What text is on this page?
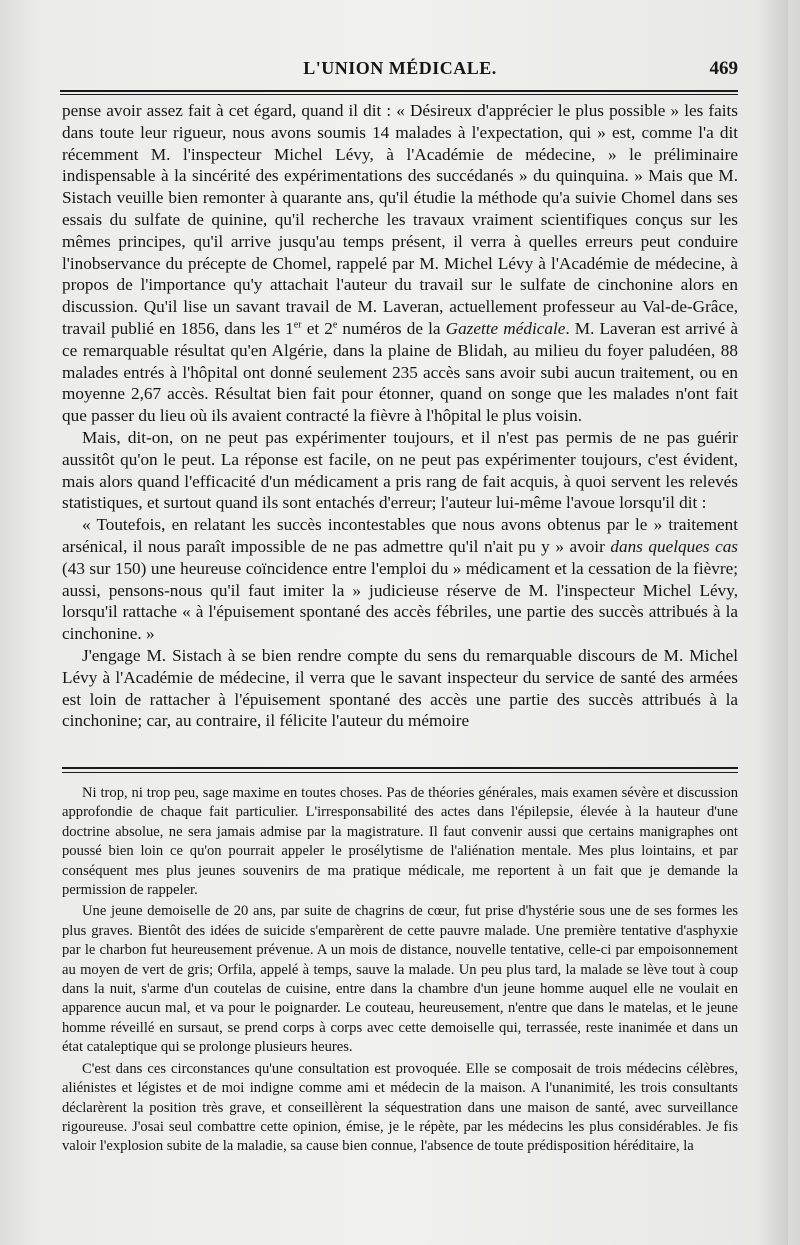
L'UNION MÉDICALE.	469

pense avoir assez fait à cet égard, quand il dit : « Désireux d'apprécier le plus possible » les faits dans toute leur rigueur, nous avons soumis 14 malades à l'expectation, qui » est, comme l'a dit récemment M. l'inspecteur Michel Lévy, à l'Académie de médecine, » le préliminaire indispensable à la sincérité des expérimentations des succédanés » du quinquina. » Mais que M. Sistach veuille bien remonter à quarante ans, qu'il étudie la méthode qu'a suivie Chomel dans ses essais du sulfate de quinine, qu'il recherche les travaux vraiment scientifiques conçus sur les mêmes principes, qu'il arrive jusqu'au temps présent, il verra à quelles erreurs peut conduire l'inobservance du précepte de Chomel, rappelé par M. Michel Lévy à l'Académie de médecine, à propos de l'importance qu'y attachait l'auteur du travail sur le sulfate de cinchonine alors en discussion. Qu'il lise un savant travail de M. Laveran, actuellement professeur au Val-de-Grâce, travail publié en 1856, dans les 1er et 2e numéros de la Gazette médicale. M. Laveran est arrivé à ce remarquable résultat qu'en Algérie, dans la plaine de Blidah, au milieu du foyer paludéen, 88 malades entrés à l'hôpital ont donné seulement 235 accès sans avoir subi aucun traitement, ou en moyenne 2,67 accès. Résultat bien fait pour étonner, quand on songe que les malades n'ont fait que passer du lieu où ils avaient contracté la fièvre à l'hôpital le plus voisin.

Mais, dit-on, on ne peut pas expérimenter toujours, et il n'est pas permis de ne pas guérir aussitôt qu'on le peut. La réponse est facile, on ne peut pas expérimenter toujours, c'est évident, mais alors quand l'efficacité d'un médicament a pris rang de fait acquis, à quoi servent les relevés statistiques, et surtout quand ils sont entachés d'erreur; l'auteur lui-même l'avoue lorsqu'il dit :

« Toutefois, en relatant les succès incontestables que nous avons obtenus par le » traitement arsénical, il nous paraît impossible de ne pas admettre qu'il n'ait pu y » avoir dans quelques cas (43 sur 150) une heureuse coïncidence entre l'emploi du » médicament et la cessation de la fièvre; aussi, pensons-nous qu'il faut imiter la » judicieuse réserve de M. l'inspecteur Michel Lévy, lorsqu'il rattache « à l'épuisement spontané des accès fébriles, une partie des succès attribués à la cinchonine. »

J'engage M. Sistach à se bien rendre compte du sens du remarquable discours de M. Michel Lévy à l'Académie de médecine, il verra que le savant inspecteur du service de santé des armées est loin de rattacher à l'épuisement spontané des accès une partie des succès attribués à la cinchonine; car, au contraire, il félicite l'auteur du mémoire

Ni trop, ni trop peu, sage maxime en toutes choses. Pas de théories générales, mais examen sévère et discussion approfondie de chaque fait particulier. L'irresponsabilité des actes dans l'épilepsie, élevée à la hauteur d'une doctrine absolue, ne sera jamais admise par la magistrature. Il faut convenir aussi que certains manigraphes ont poussé bien loin ce qu'on pourrait appeler le prosélytisme de l'aliénation mentale. Mes plus lointains, et par conséquent mes plus jeunes souvenirs de ma pratique médicale, me reportent à un fait que je demande la permission de rappeler.

Une jeune demoiselle de 20 ans, par suite de chagrins de cœur, fut prise d'hystérie sous une de ses formes les plus graves. Bientôt des idées de suicide s'emparèrent de cette pauvre malade. Une première tentative d'asphyxie par le charbon fut heureusement prévenue. A un mois de distance, nouvelle tentative, celle-ci par empoisonnement au moyen de vert de gris; Orfila, appelé à temps, sauve la malade. Un peu plus tard, la malade se lève tout à coup dans la nuit, s'arme d'un coutelas de cuisine, entre dans la chambre d'un jeune homme auquel elle ne voulait en apparence aucun mal, et va pour le poignarder. Le couteau, heureusement, n'entre que dans le matelas, et le jeune homme réveillé en sursaut, se prend corps à corps avec cette demoiselle qui, terrassée, reste inanimée et dans un état cataleptique qui se prolonge plusieurs heures.

C'est dans ces circonstances qu'une consultation est provoquée. Elle se composait de trois médecins célèbres, aliénistes et légistes et de moi indigne comme ami et médecin de la maison. A l'unanimité, les trois consultants déclarèrent la position très grave, et conseillèrent la séquestration dans une maison de santé, avec surveillance rigoureuse. J'osai seul combattre cette opinion, émise, je le répète, par les médecins les plus considérables. Je fis valoir l'explosion subite de la maladie, sa cause bien connue, l'absence de toute prédisposition héréditaire, la
